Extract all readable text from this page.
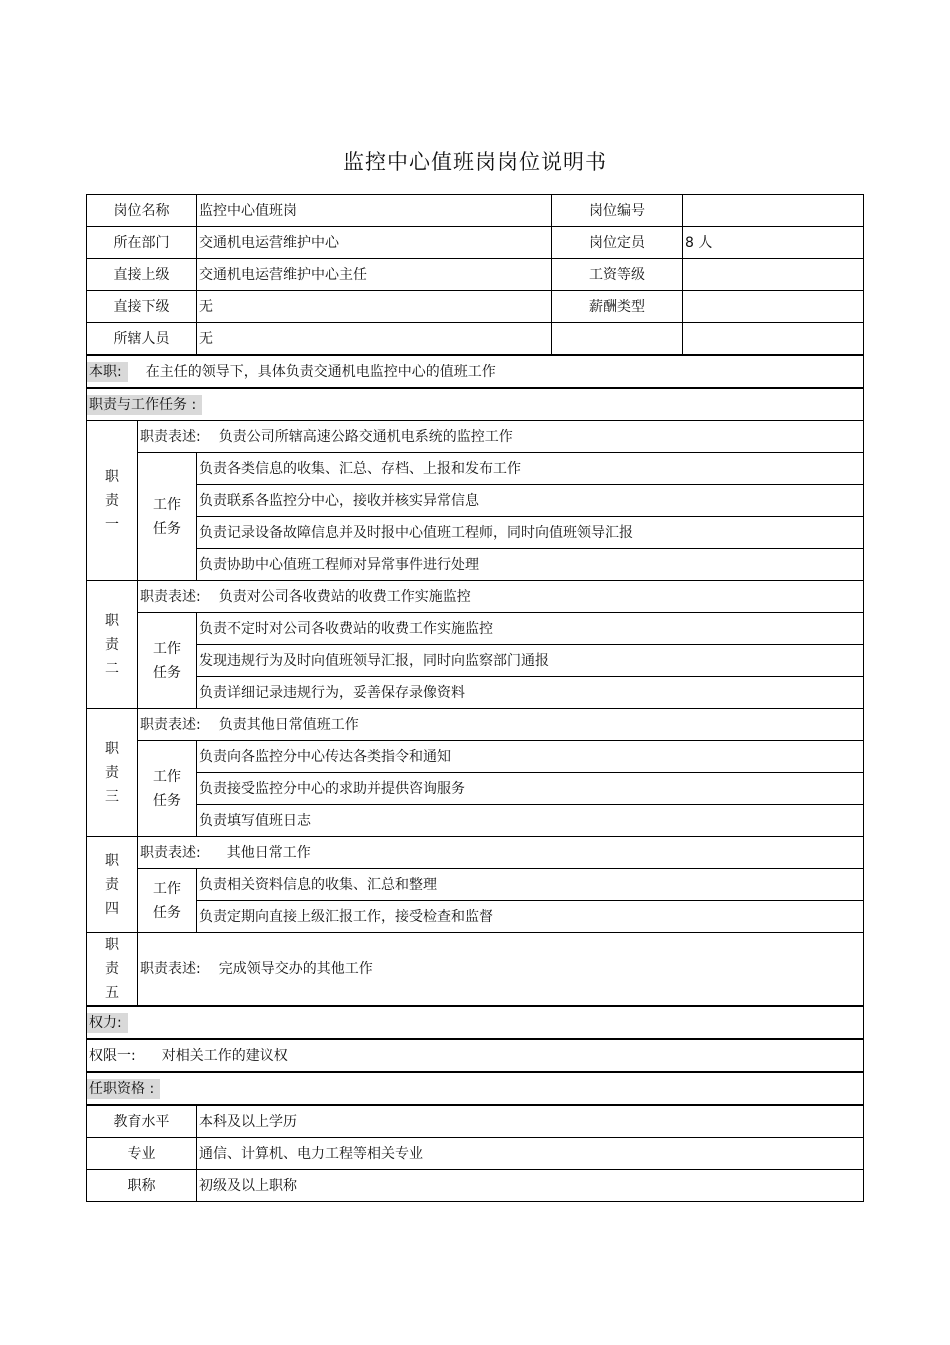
监控中心值班岗岗位说明书
岗位名称		监控中心值班岗	岗位编号	
所在部门		交通机电运营维护中心	岗位定员	8 人
直接上级		交通机电运营维护中心主任	工资等级	
直接下级		无	薪酬类型	
所辖人员		无		
本职: 在主任的领导下，具体负责交通机电监控中心的值班工作				
职责与工作任务 :				
职
责
一	职责表述: 负责公司所辖高速公路交通机电系统的监控工作			
	工作
任务	负责各类信息的收集、汇总、存档、上报和发布工作		
		负责联系各监控分中心，接收并核实异常信息		
		负责记录设备故障信息并及时报中心值班工程师，同时向值班领导汇报		
		负责协助中心值班工程师对异常事件进行处理		
职
责
二	职责表述: 负责对公司各收费站的收费工作实施监控			
	工作
任务	负责不定时对公司各收费站的收费工作实施监控		
		发现违规行为及时向值班领导汇报，同时向监察部门通报		
		负责详细记录违规行为，妥善保存录像资料		
职
责
三	职责表述: 负责其他日常值班工作			
	工作
任务	负责向各监控分中心传达各类指令和通知		
		负责接受监控分中心的求助并提供咨询服务		
		负责填写值班日志		
职
责
四	职责表述: 其他日常工作			
	工作
任务	负责相关资料信息的收集、汇总和整理		
		负责定期向直接上级汇报工作，接受检查和监督		
职
责
五	职责表述: 完成领导交办的其他工作			
权力:				
权限一: 对相关工作的建议权				
任职资格 :				
教育水平		本科及以上学历		
专业		通信、计算机、电力工程等相关专业		
职称		初级及以上职称		
